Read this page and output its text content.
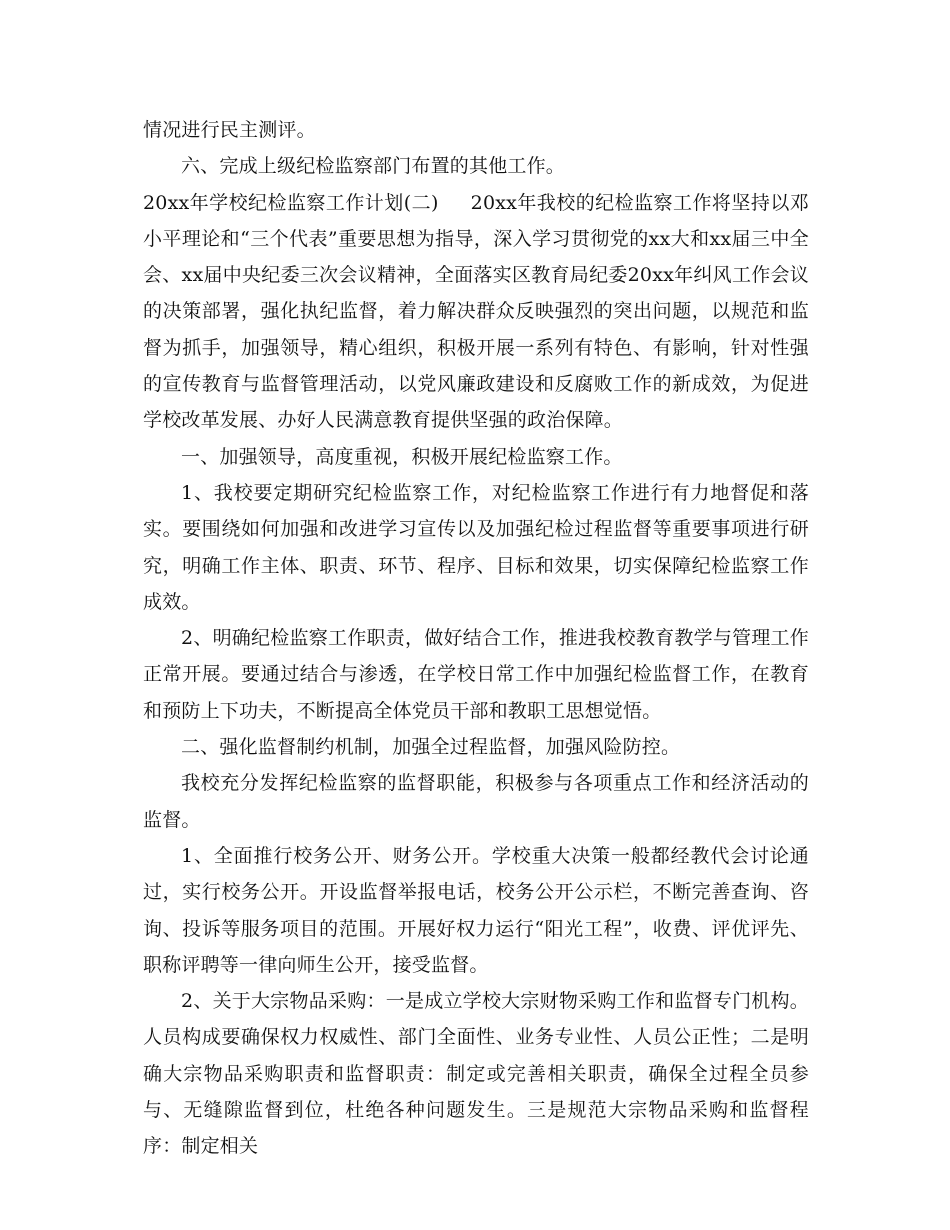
情况进行民主测评。

六、完成上级纪检监察部门布置的其他工作。

20xx年学校纪检监察工作计划(二) 20xx年我校的纪检监察工作将坚持以邓小平理论和“三个代表”重要思想为指导，深入学习贯彻党的xx大和xx届三中全会、xx届中央纪委三次会议精神，全面落实区教育局纪委20xx年纠风工作会议的决策部署，强化执纪监督，着力解决群众反映强烈的突出问题，以规范和监督为抓手，加强领导，精心组织，积极开展一系列有特色、有影响，针对性强的宣传教育与监督管理活动，以党风廉政建设和反腐败工作的新成效，为促进学校改革发展、办好人民满意教育提供坚强的政治保障。

一、加强领导，高度重视，积极开展纪检监察工作。

1、我校要定期研究纪检监察工作，对纪检监察工作进行有力地督促和落实。要围绕如何加强和改进学习宣传以及加强纪检过程监督等重要事项进行研究，明确工作主体、职责、环节、程序、目标和效果，切实保障纪检监察工作成效。

2、明确纪检监察工作职责，做好结合工作，推进我校教育教学与管理工作正常开展。要通过结合与渗透，在学校日常工作中加强纪检监督工作，在教育和预防上下功夫，不断提高全体党员干部和教职工思想觉悟。

二、强化监督制约机制，加强全过程监督，加强风险防控。

我校充分发挥纪检监察的监督职能，积极参与各项重点工作和经济活动的监督。

1、全面推行校务公开、财务公开。学校重大决策一般都经教代会讨论通过，实行校务公开。开设监督举报电话，校务公开公示栏，不断完善查询、咨询、投诉等服务项目的范围。开展好权力运行“阳光工程”，收费、评优评先、职称评聘等一律向师生公开，接受监督。

2、关于大宗物品采购：一是成立学校大宗财物采购工作和监督专门机构。人员构成要确保权力权威性、部门全面性、业务专业性、人员公正性；二是明确大宗物品采购职责和监督职责：制定或完善相关职责，确保全过程全员参与、无缝隙监督到位，杜绝各种问题发生。三是规范大宗物品采购和监督程序：制定相关
